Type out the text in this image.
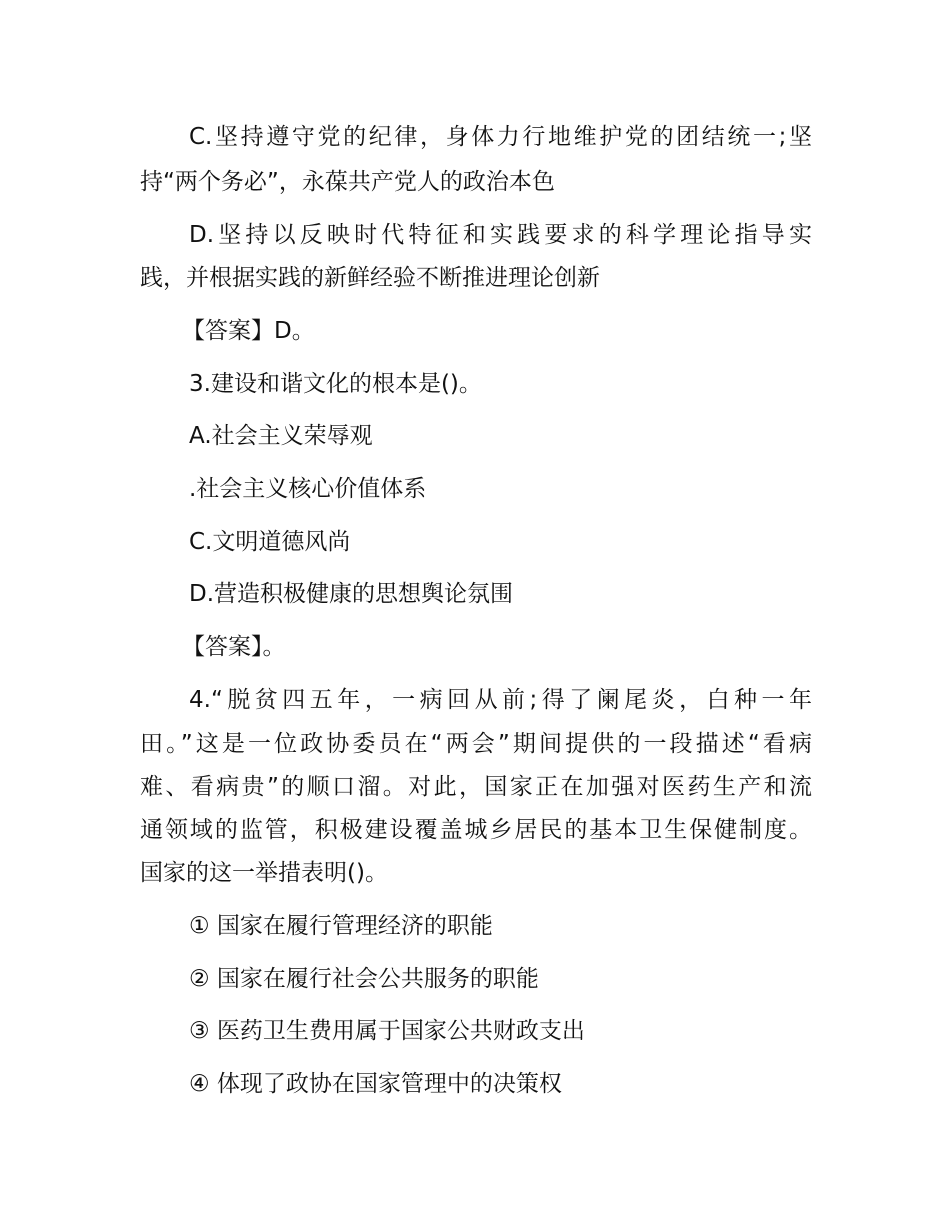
C.坚持遵守党的纪律，身体力行地维护党的团结统一;坚
持“两个务必”，永葆共产党人的政治本色
D.坚持以反映时代特征和实践要求的科学理论指导实
践，并根据实践的新鲜经验不断推进理论创新
【答案】D。
3.建设和谐文化的根本是()。
A.社会主义荣辱观
.社会主义核心价值体系
C.文明道德风尚
D.营造积极健康的思想舆论氛围
【答案】。
4.“脱贫四五年，一病回从前;得了阑尾炎，白种一年
田。”这是一位政协委员在“两会”期间提供的一段描述“看病
难、看病贵”的顺口溜。对此，国家正在加强对医药生产和流
通领域的监管，积极建设覆盖城乡居民的基本卫生保健制度。
国家的这一举措表明()。
① 国家在履行管理经济的职能
② 国家在履行社会公共服务的职能
③ 医药卫生费用属于国家公共财政支出
④ 体现了政协在国家管理中的决策权
